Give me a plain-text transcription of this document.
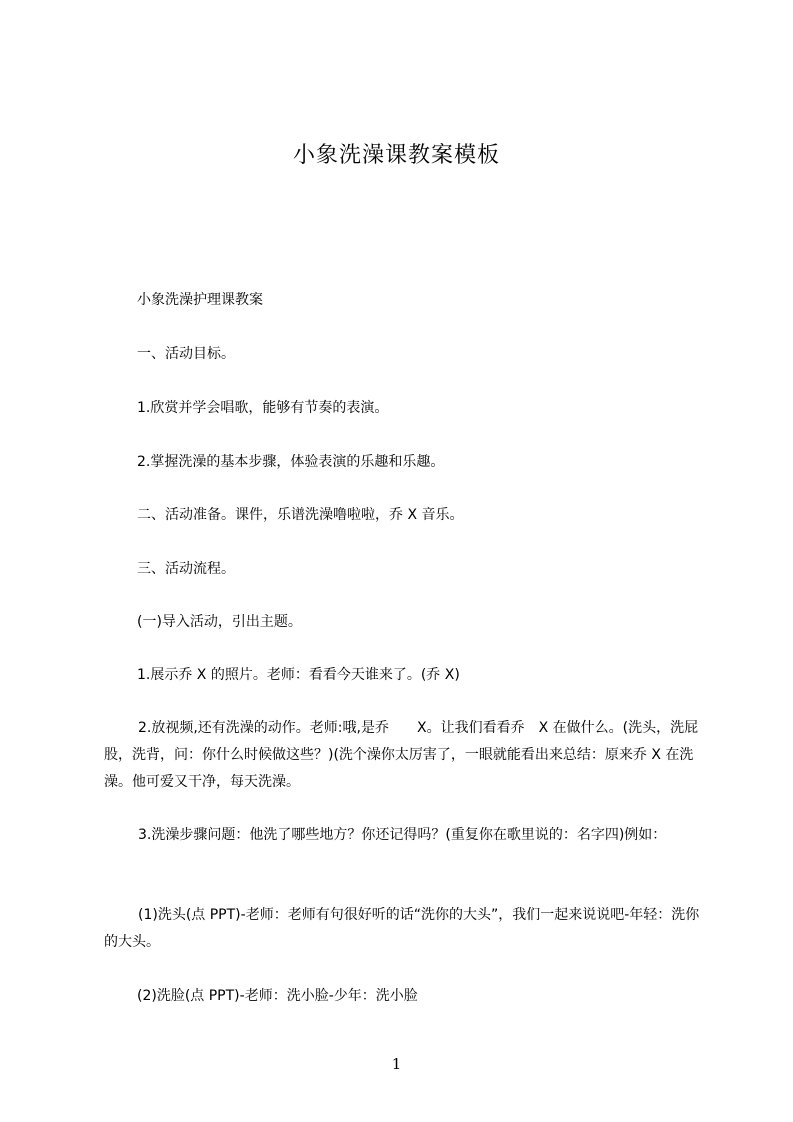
小象洗澡课教案模板
小象洗澡护理课教案
一、活动目标。
1.欣赏并学会唱歌，能够有节奏的表演。
2.掌握洗澡的基本步骤，体验表演的乐趣和乐趣。
二、活动准备。课件，乐谱洗澡噜啦啦，乔 X 音乐。
三、活动流程。
(一)导入活动，引出主题。
1.展示乔 X 的照片。老师：看看今天谁来了。(乔 X)
2.放视频,还有洗澡的动作。老师:哦,是乔　　X。让我们看看乔　X 在做什么。(洗头，洗屁股，洗背，问：你什么时候做这些？)(洗个澡你太厉害了，一眼就能看出来总结：原来乔 X 在洗澡。他可爱又干净，每天洗澡。
3.洗澡步骤问题：他洗了哪些地方？你还记得吗？(重复你在歌里说的：名字四)例如：
(1)洗头(点 PPT)-老师：老师有句很好听的话“洗你的大头”，我们一起来说说吧-年轻：洗你的大头。
(2)洗脸(点 PPT)-老师：洗小脸-少年：洗小脸
1
